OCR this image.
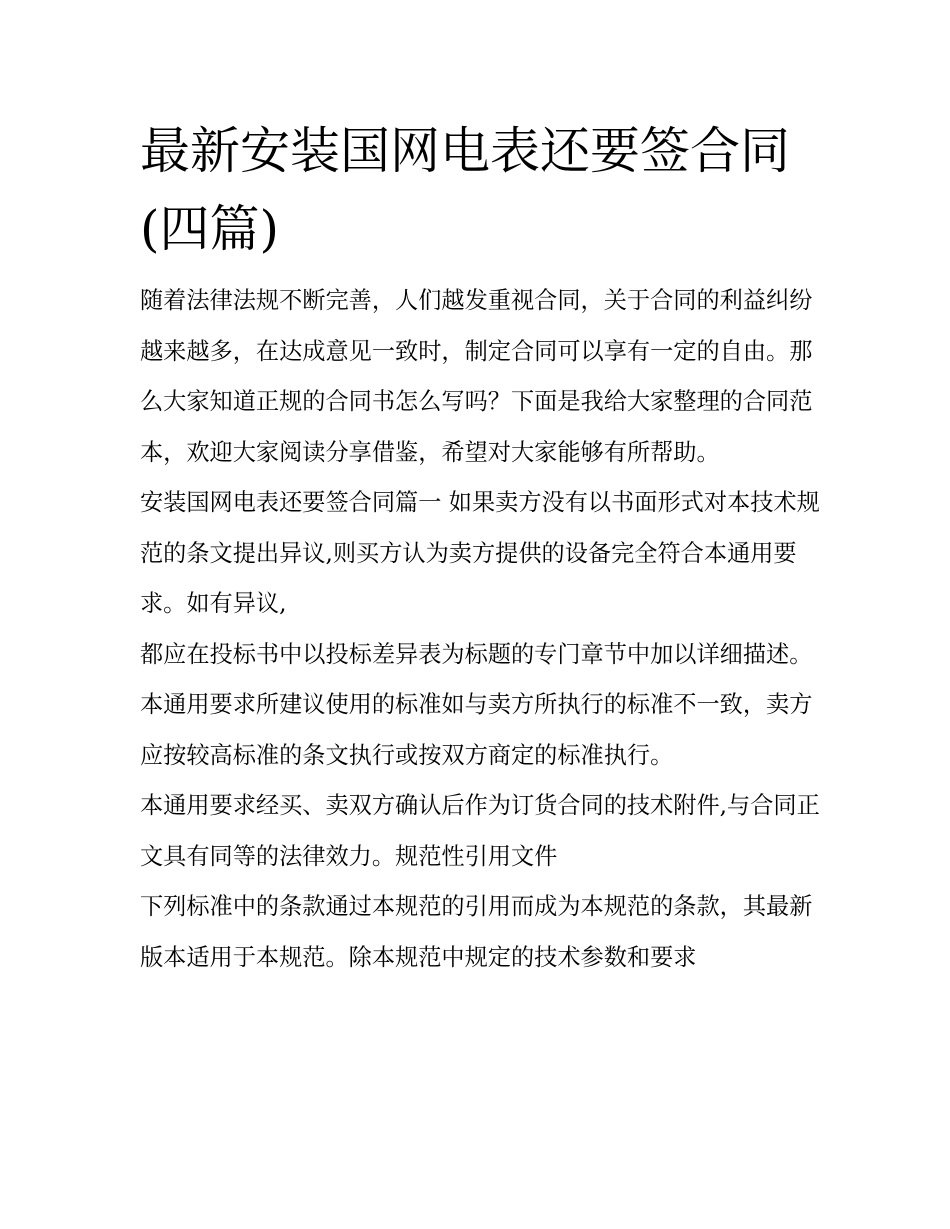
最新安装国网电表还要签合同(四篇)

随着法律法规不断完善，人们越发重视合同，关于合同的利益纠纷越来越多，在达成意见一致时，制定合同可以享有一定的自由。那么大家知道正规的合同书怎么写吗？下面是我给大家整理的合同范本，欢迎大家阅读分享借鉴，希望对大家能够有所帮助。

安装国网电表还要签合同篇一 如果卖方没有以书面形式对本技术规范的条文提出异议,则买方认为卖方提供的设备完全符合本通用要求。如有异议,

都应在投标书中以投标差异表为标题的专门章节中加以详细描述。

本通用要求所建议使用的标准如与卖方所执行的标准不一致，卖方应按较高标准的条文执行或按双方商定的标准执行。

本通用要求经买、卖双方确认后作为订货合同的技术附件,与合同正文具有同等的法律效力。规范性引用文件

下列标准中的条款通过本规范的引用而成为本规范的条款，其最新版本适用于本规范。除本规范中规定的技术参数和要求
